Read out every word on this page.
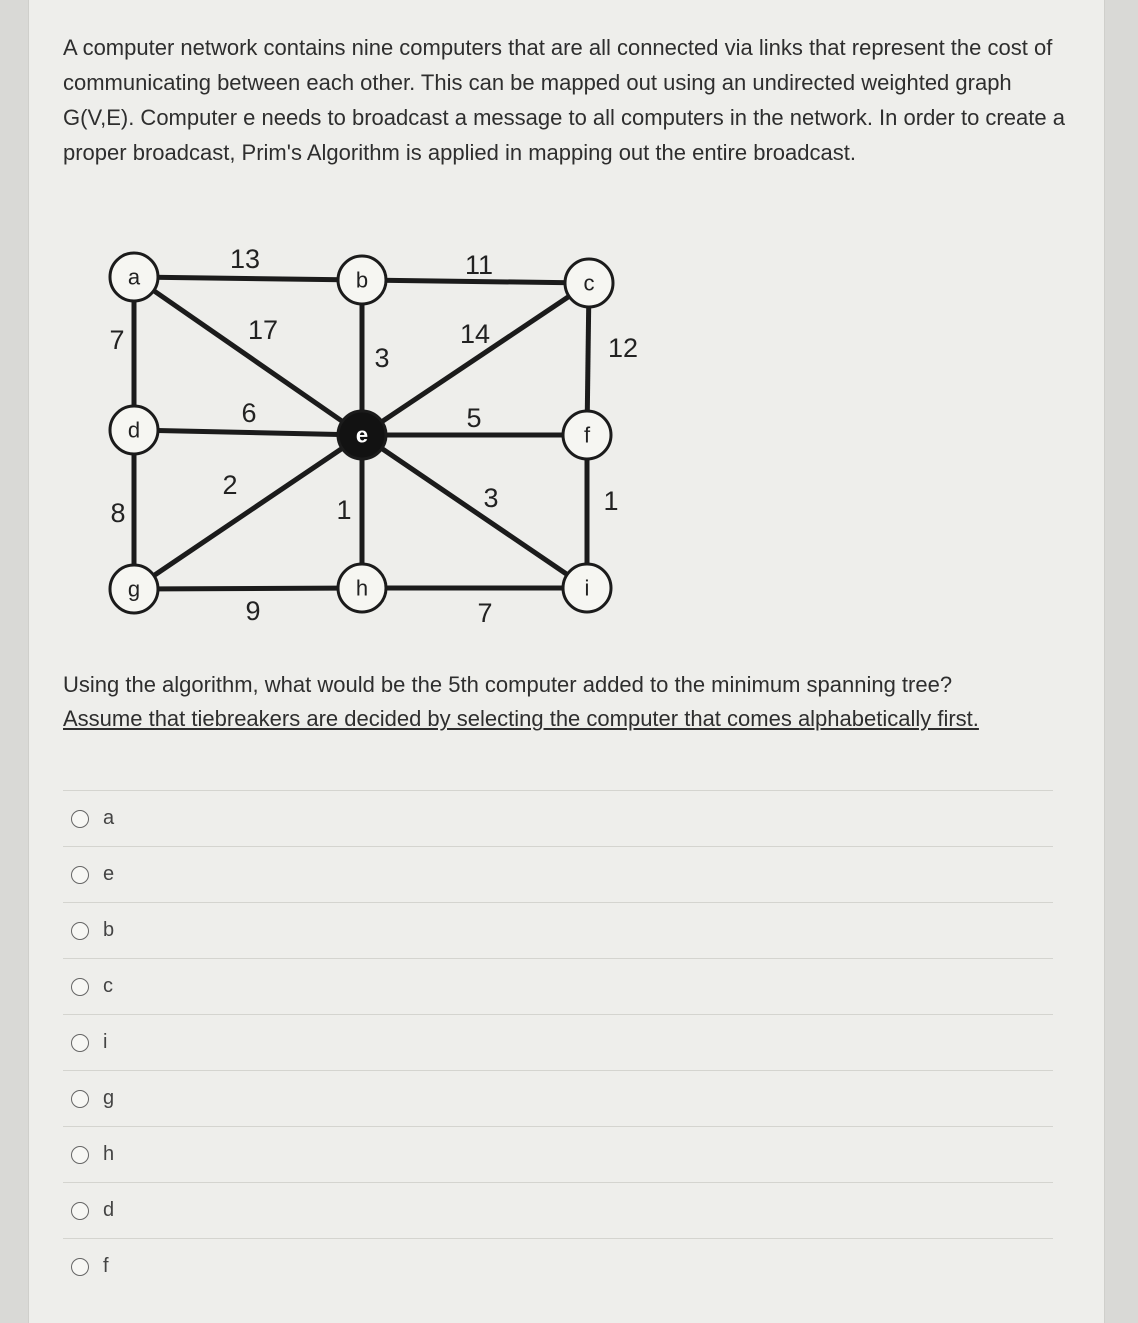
A computer network contains nine computers that are all connected via links that represent the cost of communicating between each other. This can be mapped out using an undirected weighted graph G(V,E). Computer e needs to broadcast a message to all computers in the network. In order to create a proper broadcast, Prim's Algorithm is applied in mapping out the entire broadcast.

13	11
7	17
3
14	12
6	5
8
2
1	3	1
9	7
a	b	c
d	e	f
g	h	i

Using the algorithm, what would be the 5th computer added to the minimum spanning tree?
Assume that tiebreakers are decided by selecting the computer that comes alphabetically first.

a
e
b
c
i
g
h
d
f
